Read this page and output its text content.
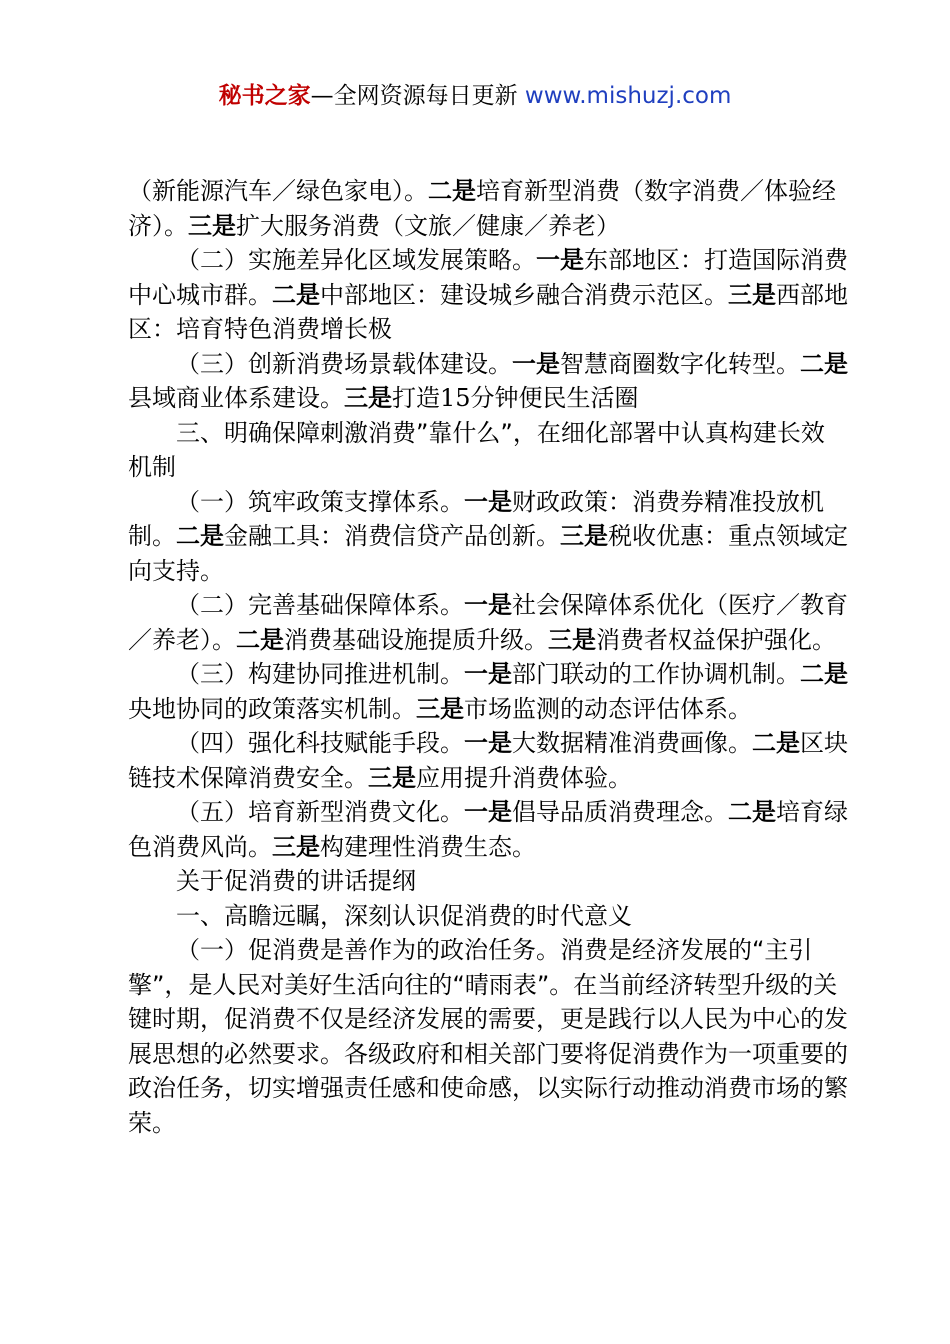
秘书之家—全网资源每日更新 www.mishuzj.com

（新能源汽车／绿色家电）。二是培育新型消费（数字消费／体验经济）。三是扩大服务消费（文旅／健康／养老）

（二）实施差异化区域发展策略。一是东部地区：打造国际消费中心城市群。二是中部地区：建设城乡融合消费示范区。三是西部地区：培育特色消费增长极

（三）创新消费场景载体建设。一是智慧商圈数字化转型。二是县域商业体系建设。三是打造15分钟便民生活圈

三、明确保障刺激消费”靠什么”，在细化部署中认真构建长效机制

（一）筑牢政策支撑体系。一是财政政策：消费券精准投放机制。二是金融工具：消费信贷产品创新。三是税收优惠：重点领域定向支持。

（二）完善基础保障体系。一是社会保障体系优化（医疗／教育／养老）。二是消费基础设施提质升级。三是消费者权益保护强化。

（三）构建协同推进机制。一是部门联动的工作协调机制。二是央地协同的政策落实机制。三是市场监测的动态评估体系。

（四）强化科技赋能手段。一是大数据精准消费画像。二是区块链技术保障消费安全。三是应用提升消费体验。

（五）培育新型消费文化。一是倡导品质消费理念。二是培育绿色消费风尚。三是构建理性消费生态。

关于促消费的讲话提纲

一、高瞻远瞩，深刻认识促消费的时代意义

（一）促消费是善作为的政治任务。消费是经济发展的“主引擎”，是人民对美好生活向往的“晴雨表”。在当前经济转型升级的关键时期，促消费不仅是经济发展的需要，更是践行以人民为中心的发展思想的必然要求。各级政府和相关部门要将促消费作为一项重要的政治任务，切实增强责任感和使命感，以实际行动推动消费市场的繁荣。
